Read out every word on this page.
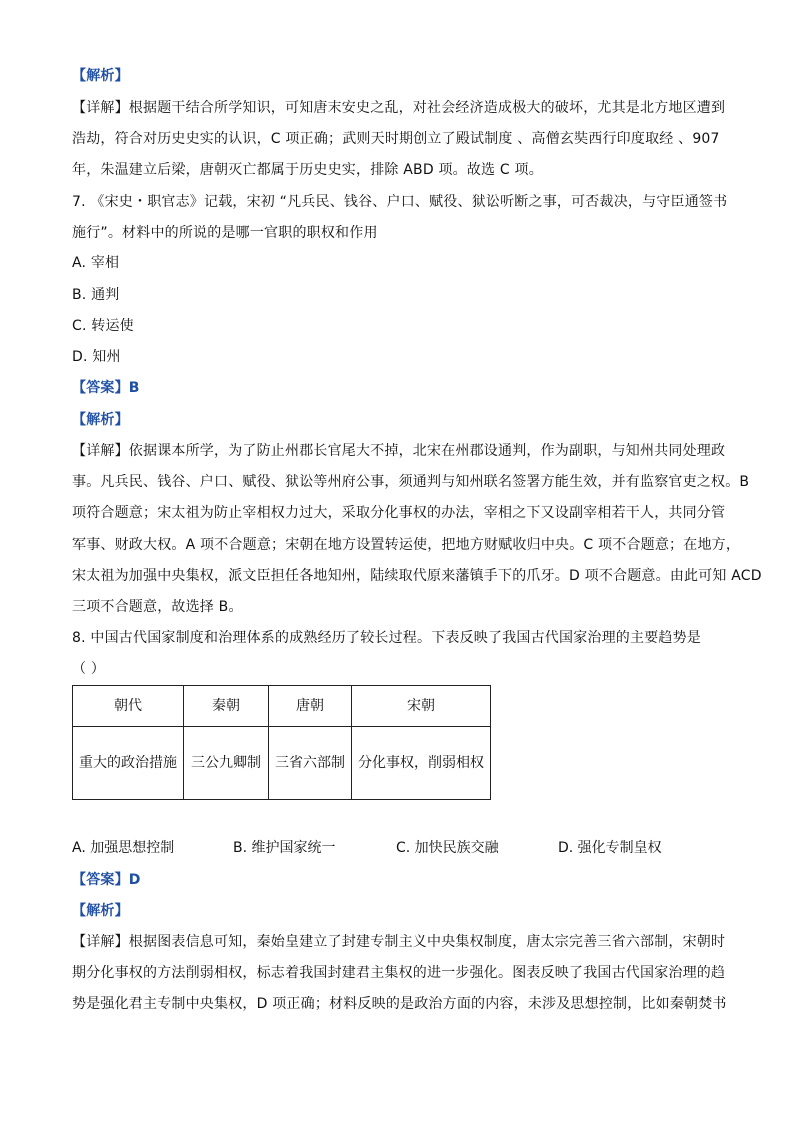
【解析】
【详解】根据题干结合所学知识，可知唐末安史之乱，对社会经济造成极大的破坏，尤其是北方地区遭到
浩劫，符合对历史史实的认识，C 项正确；武则天时期创立了殿试制度 、高僧玄奘西行印度取经 、907
年，朱温建立后梁，唐朝灭亡都属于历史史实，排除 ABD 项。故选 C 项。
7. 《宋史・职官志》记载，宋初 “凡兵民、钱谷、户口、赋役、狱讼听断之事，可否裁决，与守臣通签书
施行”。材料中的所说的是哪一官职的职权和作用
A. 宰相
B. 通判
C. 转运使
D. 知州
【答案】B
【解析】
【详解】依据课本所学，为了防止州郡长官尾大不掉，北宋在州郡设通判，作为副职，与知州共同处理政
事。凡兵民、钱谷、户口、赋役、狱讼等州府公事，须通判与知州联名签署方能生效，并有监察官吏之权。B
项符合题意；宋太祖为防止宰相权力过大，采取分化事权的办法，宰相之下又设副宰相若干人，共同分管
军事、财政大权。A 项不合题意；宋朝在地方设置转运使，把地方财赋收归中央。C 项不合题意；在地方，
宋太祖为加强中央集权，派文臣担任各地知州，陆续取代原来藩镇手下的爪牙。D 项不合题意。由此可知 ACD
三项不合题意，故选择 B。
8. 中国古代国家制度和治理体系的成熟经历了较长过程。下表反映了我国古代国家治理的主要趋势是
（ ）
朝代	秦朝	唐朝	宋朝
重大的政治措施	三公九卿制	三省六部制	分化事权，削弱相权
A. 加强思想控制	B. 维护国家统一	C. 加快民族交融	D. 强化专制皇权
【答案】D
【解析】
【详解】根据图表信息可知，秦始皇建立了封建专制主义中央集权制度，唐太宗完善三省六部制，宋朝时
期分化事权的方法削弱相权，标志着我国封建君主集权的进一步强化。图表反映了我国古代国家治理的趋
势是强化君主专制中央集权，D 项正确；材料反映的是政治方面的内容，未涉及思想控制，比如秦朝焚书
